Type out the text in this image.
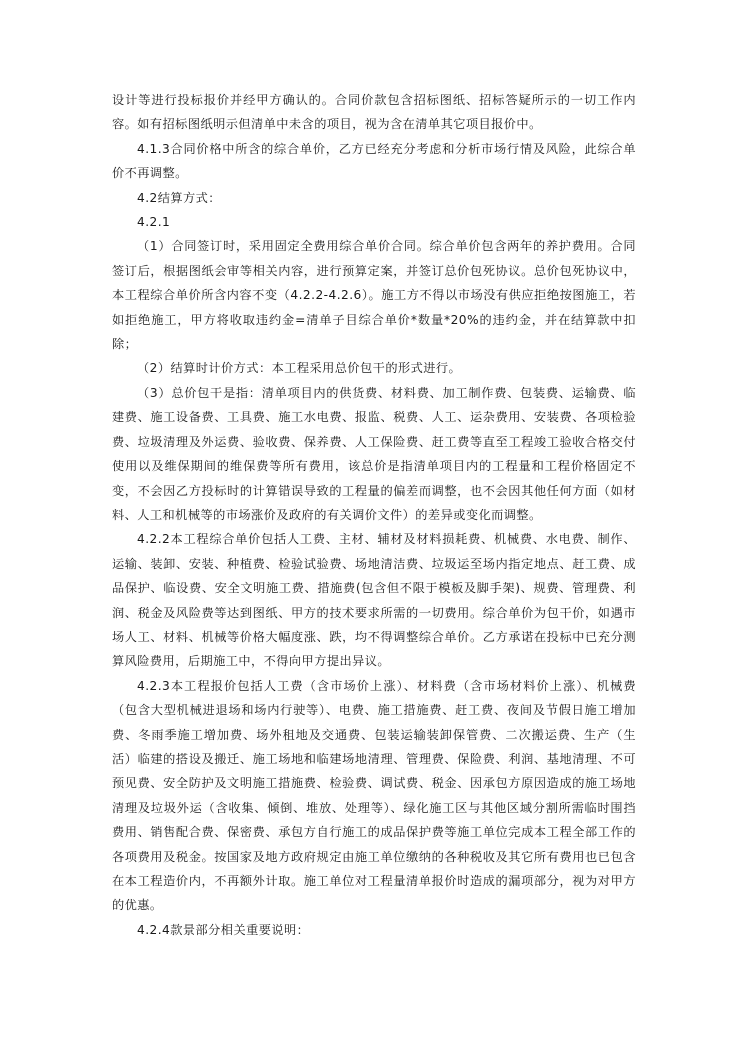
设计等进行投标报价并经甲方确认的。合同价款包含招标图纸、招标答疑所示的一切工作内容。如有招标图纸明示但清单中未含的项目，视为含在清单其它项目报价中。

4.1.3合同价格中所含的综合单价，乙方已经充分考虑和分析市场行情及风险，此综合单价不再调整。

4.2结算方式：

4.2.1

（1）合同签订时，采用固定全费用综合单价合同。综合单价包含两年的养护费用。合同签订后，根据图纸会审等相关内容，进行预算定案，并签订总价包死协议。总价包死协议中，本工程综合单价所含内容不变（4.2.2-4.2.6）。施工方不得以市场没有供应拒绝按图施工，若如拒绝施工，甲方将收取违约金=清单子目综合单价*数量*20%的违约金，并在结算款中扣除；

（2）结算时计价方式：本工程采用总价包干的形式进行。

（3）总价包干是指：清单项目内的供货费、材料费、加工制作费、包装费、运输费、临建费、施工设备费、工具费、施工水电费、报监、税费、人工、运杂费用、安装费、各项检验费、垃圾清理及外运费、验收费、保养费、人工保险费、赶工费等直至工程竣工验收合格交付使用以及维保期间的维保费等所有费用，该总价是指清单项目内的工程量和工程价格固定不变，不会因乙方投标时的计算错误导致的工程量的偏差而调整，也不会因其他任何方面（如材料、人工和机械等的市场涨价及政府的有关调价文件）的差异或变化而调整。

4.2.2本工程综合单价包括人工费、主材、辅材及材料损耗费、机械费、水电费、制作、运输、装卸、安装、种植费、检验试验费、场地清洁费、垃圾运至场内指定地点、赶工费、成品保护、临设费、安全文明施工费、措施费(包含但不限于模板及脚手架)、规费、管理费、利润、税金及风险费等达到图纸、甲方的技术要求所需的一切费用。综合单价为包干价，如遇市场人工、材料、机械等价格大幅度涨、跌，均不得调整综合单价。乙方承诺在投标中已充分测算风险费用，后期施工中，不得向甲方提出异议。

4.2.3本工程报价包括人工费（含市场价上涨）、材料费（含市场材料价上涨）、机械费（包含大型机械进退场和场内行驶等）、电费、施工措施费、赶工费、夜间及节假日施工增加费、冬雨季施工增加费、场外租地及交通费、包装运输装卸保管费、二次搬运费、生产（生活）临建的搭设及搬迁、施工场地和临建场地清理、管理费、保险费、利润、基地清理、不可预见费、安全防护及文明施工措施费、检验费、调试费、税金、因承包方原因造成的施工场地清理及垃圾外运（含收集、倾倒、堆放、处理等）、绿化施工区与其他区域分割所需临时围挡费用、销售配合费、保密费、承包方自行施工的成品保护费等施工单位完成本工程全部工作的各项费用及税金。按国家及地方政府规定由施工单位缴纳的各种税收及其它所有费用也已包含在本工程造价内，不再额外计取。施工单位对工程量清单报价时造成的漏项部分，视为对甲方的优惠。

4.2.4款景部分相关重要说明：
